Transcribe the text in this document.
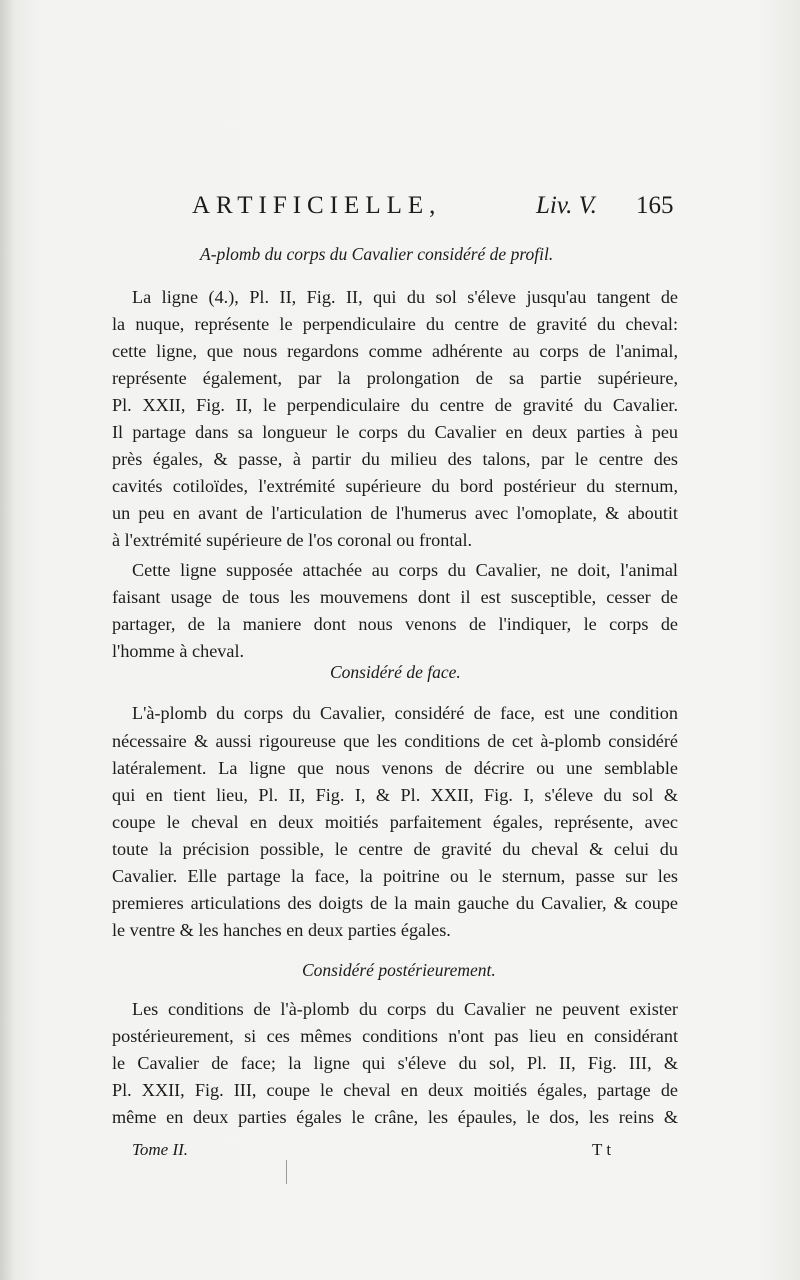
ARTIFICIELLE,	Liv. V. 165
A-plomb du corps du Cavalier considéré de profil.
La ligne (4.), Pl. II, Fig. II, qui du sol s'éleve jusqu'au tangent de
la nuque, représente le perpendiculaire du centre de gravité du cheval:
cette ligne, que nous regardons comme adhérente au corps de l'animal,
représente également, par la prolongation de sa partie supérieure,
Pl. XXII, Fig. II, le perpendiculaire du centre de gravité du Cavalier.
Il partage dans sa longueur le corps du Cavalier en deux parties à peu
près égales, & passe, à partir du milieu des talons, par le centre des
cavités cotiloïdes, l'extrémité supérieure du bord postérieur du sternum,
un peu en avant de l'articulation de l'humerus avec l'omoplate, & aboutit
à l'extrémité supérieure de l'os coronal ou frontal.
Cette ligne supposée attachée au corps du Cavalier, ne doit, l'animal
faisant usage de tous les mouvemens dont il est susceptible, cesser de
partager, de la maniere dont nous venons de l'indiquer, le corps de
l'homme à cheval.
Considéré de face.
L'à-plomb du corps du Cavalier, considéré de face, est une condition
nécessaire & aussi rigoureuse que les conditions de cet à-plomb considéré
latéralement. La ligne que nous venons de décrire ou une semblable
qui en tient lieu, Pl. II, Fig. I, & Pl. XXII, Fig. I, s'éleve du sol &
coupe le cheval en deux moitiés parfaitement égales, représente, avec
toute la précision possible, le centre de gravité du cheval & celui du
Cavalier. Elle partage la face, la poitrine ou le sternum, passe sur les
premieres articulations des doigts de la main gauche du Cavalier, & coupe
le ventre & les hanches en deux parties égales.
Considéré postérieurement.
Les conditions de l'à-plomb du corps du Cavalier ne peuvent exister
postérieurement, si ces mêmes conditions n'ont pas lieu en considérant
le Cavalier de face; la ligne qui s'éleve du sol, Pl. II, Fig. III, &
Pl. XXII, Fig. III, coupe le cheval en deux moitiés égales, partage de
même en deux parties égales le crâne, les épaules, le dos, les reins &
Tome II.	T t
